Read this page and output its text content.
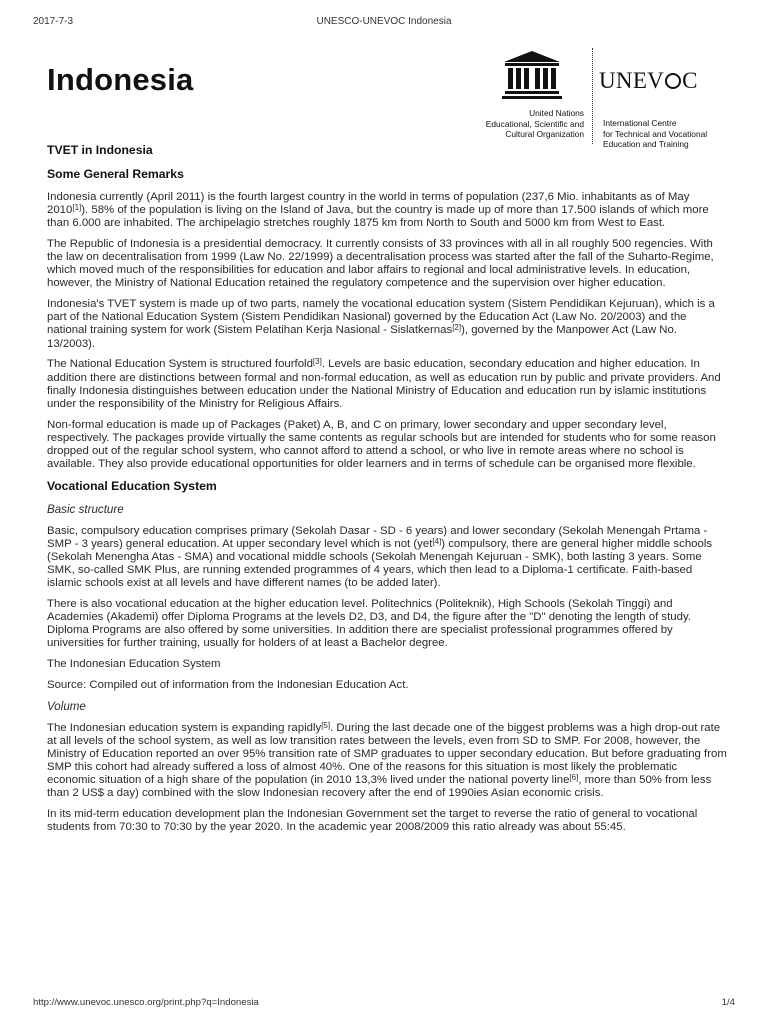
2017-7-3	UNESCO-UNEVOC Indonesia
Indonesia
United Nations
Educational, Scientific and
Cultural Organization
UNEV C
International Centre
for Technical and Vocational
Education and Training
TVET in Indonesia
Some General Remarks

Indonesia currently (April 2011) is the fourth largest country in the world in terms of population (237,6 Mio. inhabitants as of May 2010[1]). 58% of the population is living on the Island of Java, but the country is made up of more than 17.500 islands of which more than 6.000 are inhabited. The archipelagio stretches roughly 1875 km from North to South and 5000 km from West to East.

The Republic of Indonesia is a presidential democracy. It currently consists of 33 provinces with all in all roughly 500 regencies. With the law on decentralisation from 1999 (Law No. 22/1999) a decentralisation process was started after the fall of the Suharto-Regime, which moved much of the responsibilities for education and labor affairs to regional and local administrative levels. In education, however, the Ministry of National Education retained the regulatory competence and the supervision over higher education.

Indonesia's TVET system is made up of two parts, namely the vocational education system (Sistem Pendidikan Kejuruan), which is a part of the National Education System (Sistem Pendidikan Nasional) governed by the Education Act (Law No. 20/2003) and the national training system for work (Sistem Pelatihan Kerja Nasional - Sislatkernas[2]), governed by the Manpower Act (Law No. 13/2003).

The National Education System is structured fourfold[3]. Levels are basic education, secondary education and higher education. In addition there are distinctions between formal and non-formal education, as well as education run by public and private providers. And finally Indonesia distinguishes between education under the National Ministry of Education and education run by islamic institutions under the responsibility of the Ministry for Religious Affairs.

Non-formal education is made up of Packages (Paket) A, B, and C on primary, lower secondary and upper secondary level, respectively. The packages provide virtually the same contents as regular schools but are intended for students who for some reason dropped out of the regular school system, who cannot afford to attend a school, or who live in remote areas where no school is available. They also provide educational opportunities for older learners and in terms of schedule can be organised more flexible.

Vocational Education System
Basic structure

Basic, compulsory education comprises primary (Sekolah Dasar - SD - 6 years) and lower secondary (Sekolah Menengah Prtama - SMP - 3 years) general education. At upper secondary level which is not (yet[4]) compulsory, there are general higher middle schools (Sekolah Menengha Atas - SMA) and vocational middle schools (Sekolah Menengah Kejuruan - SMK), both lasting 3 years. Some SMK, so-called SMK Plus, are running extended programmes of 4 years, which then lead to a Diploma-1 certificate. Faith-based islamic schools exist at all levels and have different names (to be added later).

There is also vocational education at the higher education level. Politechnics (Politeknik), High Schools (Sekolah Tinggi) and Academies (Akademi) offer Diploma Programs at the levels D2, D3, and D4, the figure after the "D" denoting the length of study. Diploma Programs are also offered by some universities. In addition there are specialist professional programmes offered by universities for further training, usually for holders of at least a Bachelor degree.

The Indonesian Education System

Source: Compiled out of information from the Indonesian Education Act.

Volume

The Indonesian education system is expanding rapidly[5]. During the last decade one of the biggest problems was a high drop-out rate at all levels of the school system, as well as low transition rates between the levels, even from SD to SMP. For 2008, however, the Ministry of Education reported an over 95% transition rate of SMP graduates to upper secondary education. But before graduating from SMP this cohort had already suffered a loss of almost 40%. One of the reasons for this situation is most likely the problematic economic situation of a high share of the population (in 2010 13,3% lived under the national poverty line[6], more than 50% from less than 2 US$ a day) combined with the slow Indonesian recovery after the end of 1990ies Asian economic crisis.

In its mid-term education development plan the Indonesian Government set the target to reverse the ratio of general to vocational students from 70:30 to 70:30 by the year 2020. In the academic year 2008/2009 this ratio already was about 55:45.

http://www.unevoc.unesco.org/print.php?q=Indonesia	1/4
